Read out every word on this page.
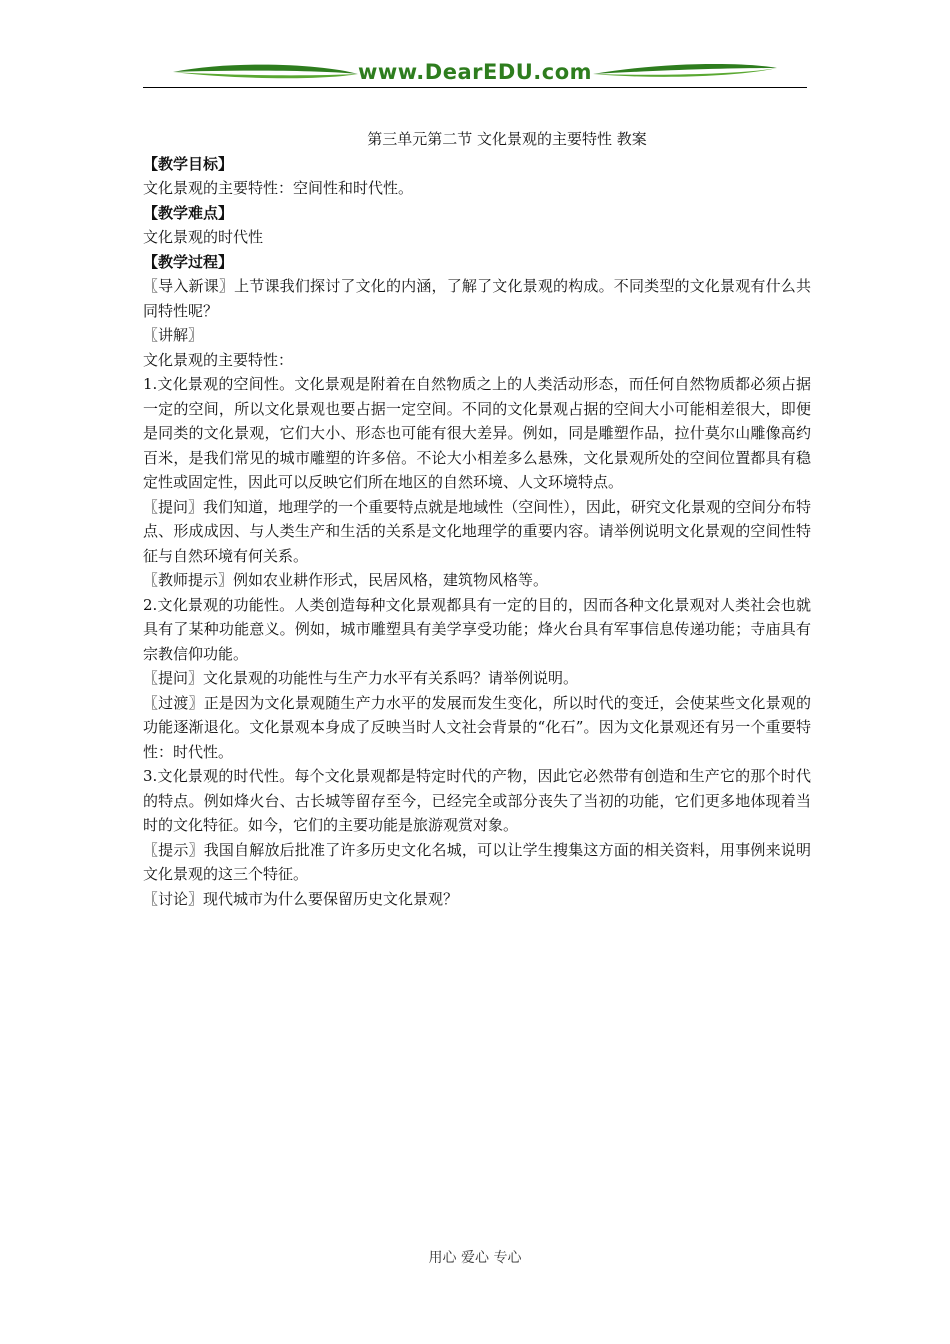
www.DearEDU.com
第三单元第二节 文化景观的主要特性 教案
【教学目标】

文化景观的主要特性：空间性和时代性。

【教学难点】

文化景观的时代性

【教学过程】

〖导入新课〗上节课我们探讨了文化的内涵，了解了文化景观的构成。不同类型的文化景观有什么共同特性呢？

〖讲解〗

文化景观的主要特性：

1.文化景观的空间性。文化景观是附着在自然物质之上的人类活动形态，而任何自然物质都必须占据一定的空间，所以文化景观也要占据一定空间。不同的文化景观占据的空间大小可能相差很大，即便是同类的文化景观，它们大小、形态也可能有很大差异。例如，同是雕塑作品，拉什莫尔山雕像高约百米，是我们常见的城市雕塑的许多倍。不论大小相差多么悬殊，文化景观所处的空间位置都具有稳定性或固定性，因此可以反映它们所在地区的自然环境、人文环境特点。

〖提问〗我们知道，地理学的一个重要特点就是地域性（空间性），因此，研究文化景观的空间分布特点、形成成因、与人类生产和生活的关系是文化地理学的重要内容。请举例说明文化景观的空间性特征与自然环境有何关系。

〖教师提示〗例如农业耕作形式，民居风格，建筑物风格等。

2.文化景观的功能性。人类创造每种文化景观都具有一定的目的，因而各种文化景观对人类社会也就具有了某种功能意义。例如，城市雕塑具有美学享受功能；烽火台具有军事信息传递功能；寺庙具有宗教信仰功能。

〖提问〗文化景观的功能性与生产力水平有关系吗？请举例说明。

〖过渡〗正是因为文化景观随生产力水平的发展而发生变化，所以时代的变迁，会使某些文化景观的功能逐渐退化。文化景观本身成了反映当时人文社会背景的“化石”。因为文化景观还有另一个重要特性：时代性。

3.文化景观的时代性。每个文化景观都是特定时代的产物，因此它必然带有创造和生产它的那个时代的特点。例如烽火台、古长城等留存至今，已经完全或部分丧失了当初的功能，它们更多地体现着当时的文化特征。如今，它们的主要功能是旅游观赏对象。

〖提示〗我国自解放后批准了许多历史文化名城，可以让学生搜集这方面的相关资料，用事例来说明文化景观的这三个特征。

〖讨论〗现代城市为什么要保留历史文化景观？

用心 爱心 专心
